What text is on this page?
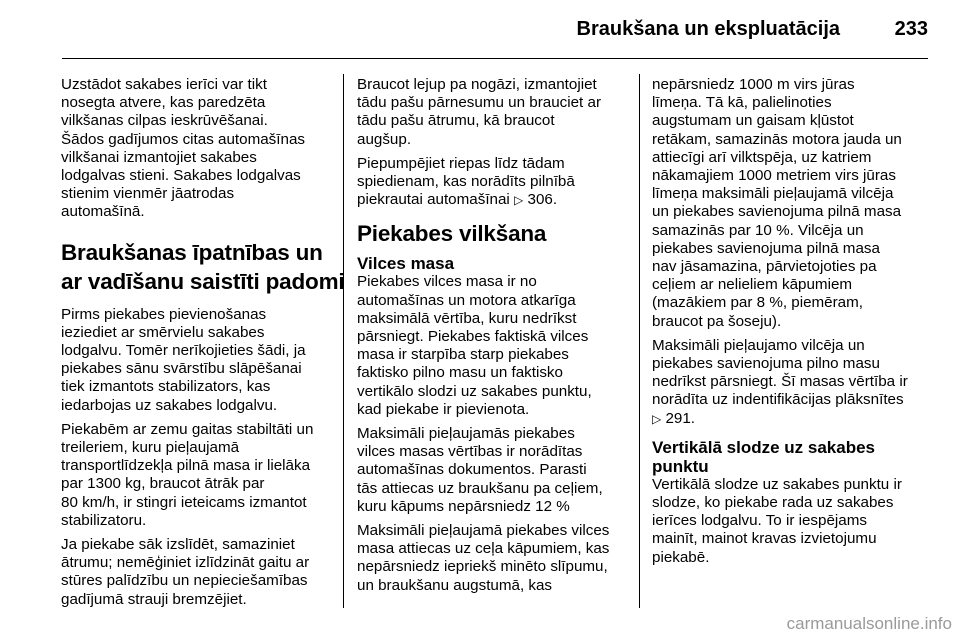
Braukšana un ekspluatācija	233

Uzstādot sakabes ierīci var tikt
nosegta atvere, kas paredzēta
vilkšanas cilpas ieskrūvēšanai.
Šādos gadījumos citas automašīnas
vilkšanai izmantojiet sakabes
lodgalvas stieni. Sakabes lodgalvas
stienim vienmēr jāatrodas
automašīnā.

Braukšanas īpatnības un
ar vadīšanu saistīti padomi

Pirms piekabes pievienošanas
ieziediet ar smērvielu sakabes
lodgalvu. Tomēr nerīkojieties šādi, ja
piekabes sānu svārstību slāpēšanai
tiek izmantots stabilizators, kas
iedarbojas uz sakabes lodgalvu.

Piekabēm ar zemu gaitas stabiltāti un
treileriem, kuru pieļaujamā
transportlīdzekļa pilnā masa ir lielāka
par 1300 kg, braucot ātrāk par
80 km/h, ir stingri ieteicams izmantot
stabilizatoru.

Ja piekabe sāk izslīdēt, samaziniet
ātrumu; nemēģiniet izlīdzināt gaitu ar
stūres palīdzību un nepieciešamības
gadījumā strauji bremzējiet.

Braucot lejup pa nogāzi, izmantojiet
tādu pašu pārnesumu un brauciet ar
tādu pašu ātrumu, kā braucot
augšup.

Piepumpējiet riepas līdz tādam
spiedienam, kas norādīts pilnībā
piekrautai automašīnai ▷ 306.

Piekabes vilkšana
Vilces masa

Piekabes vilces masa ir no
automašīnas un motora atkarīga
maksimālā vērtība, kuru nedrīkst
pārsniegt. Piekabes faktiskā vilces
masa ir starpība starp piekabes
faktisko pilno masu un faktisko
vertikālo slodzi uz sakabes punktu,
kad piekabe ir pievienota.

Maksimāli pieļaujamās piekabes
vilces masas vērtības ir norādītas
automašīnas dokumentos. Parasti
tās attiecas uz braukšanu pa ceļiem,
kuru kāpums nepārsniedz 12 %

Maksimāli pieļaujamā piekabes vilces
masa attiecas uz ceļa kāpumiem, kas
nepārsniedz iepriekš minēto slīpumu,
un braukšanu augstumā, kas

nepārsniedz 1000 m virs jūras
līmeņa. Tā kā, palielinoties
augstumam un gaisam kļūstot
retākam, samazinās motora jauda un
attiecīgi arī vilktspēja, uz katriem
nākamajiem 1000 metriem virs jūras
līmeņa maksimāli pieļaujamā vilcēja
un piekabes savienojuma pilnā masa
samazinās par 10 %. Vilcēja un
piekabes savienojuma pilnā masa
nav jāsamazina, pārvietojoties pa
ceļiem ar nelieliem kāpumiem
(mazākiem par 8 %, piemēram,
braucot pa šoseju).

Maksimāli pieļaujamo vilcēja un
piekabes savienojuma pilno masu
nedrīkst pārsniegt. Šī masas vērtība ir
norādīta uz indentifikācijas plāksnītes
▷ 291.

Vertikālā slodze uz sakabes
punktu

Vertikālā slodze uz sakabes punktu ir
slodze, ko piekabe rada uz sakabes
ierīces lodgalvu. To ir iespējams
mainīt, mainot kravas izvietojumu
piekabē.

carmanualsonline.info
